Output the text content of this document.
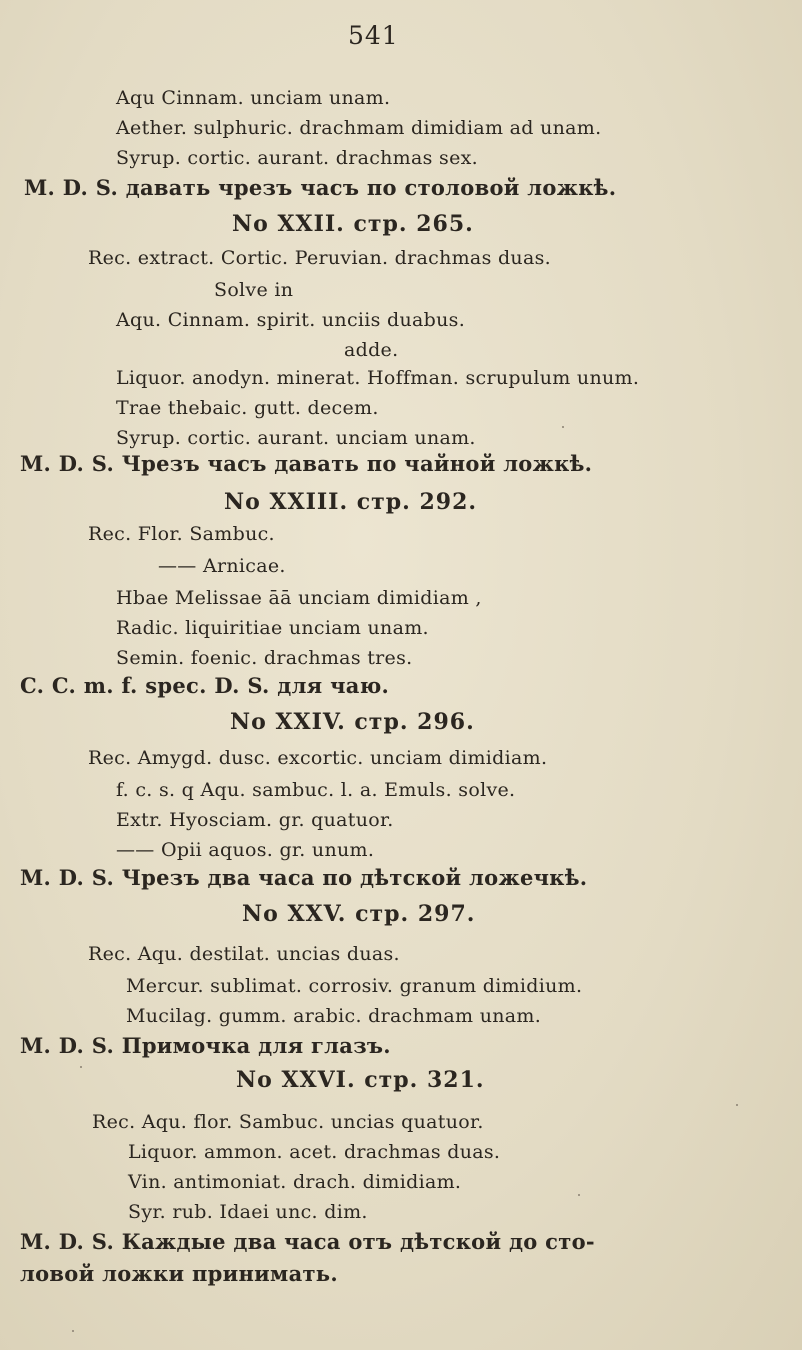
541
Aqu Cinnam. unciam unam.
Aether. sulphuric. drachmam dimidiam ad unam.
Syrup. cortic. aurant. drachmas sex.
M. D. S. давать чрезъ часъ по столовой ложкѣ.
No XXII. стр. 265.
Rec. extract. Cortic. Peruvian. drachmas duas.
Solve in
Aqu. Cinnam. spirit. unciis duabus.
adde.
Liquor. anodyn. minerat. Hoffman. scrupulum unum.
Trae thebaic. gutt. decem.
Syrup. cortic. aurant. unciam unam.
M. D. S. Чрезъ часъ давать по чайной ложкѣ.
No XXIII. стр. 292.
Rec. Flor. Sambuc.
—— Arnicae.
Hbae Melissae āā unciam dimidiam ,
Radic. liquiritiae unciam unam.
Semin. foenic. drachmas tres.
C. C. m. f. spec. D. S. для чаю.
No XXIV. стр. 296.
Rec. Amygd. dusc. excortic. unciam dimidiam.
f. c. s. q Aqu. sambuc. l. a. Emuls. solve.
Extr. Hyosciam. gr. quatuor.
—— Opii aquos. gr. unum.
M. D. S. Чрезъ два часа по дѣтской ложечкѣ.
No XXV. стр. 297.
Rec. Aqu. destilat. uncias duas.
Mercur. sublimat. corrosiv. granum dimidium.
Mucilag. gumm. arabic. drachmam unam.
M. D. S. Примочка для глазъ.
No XXVI. стр. 321.
Rec. Aqu. flor. Sambuc. uncias quatuor.
Liquor. ammon. acet. drachmas duas.
Vin. antimoniat. drach. dimidiam.
Syr. rub. Idaei unc. dim.
M. D. S. Каждые два часа отъ дѣтской до сто-
ловой ложки принимать.
